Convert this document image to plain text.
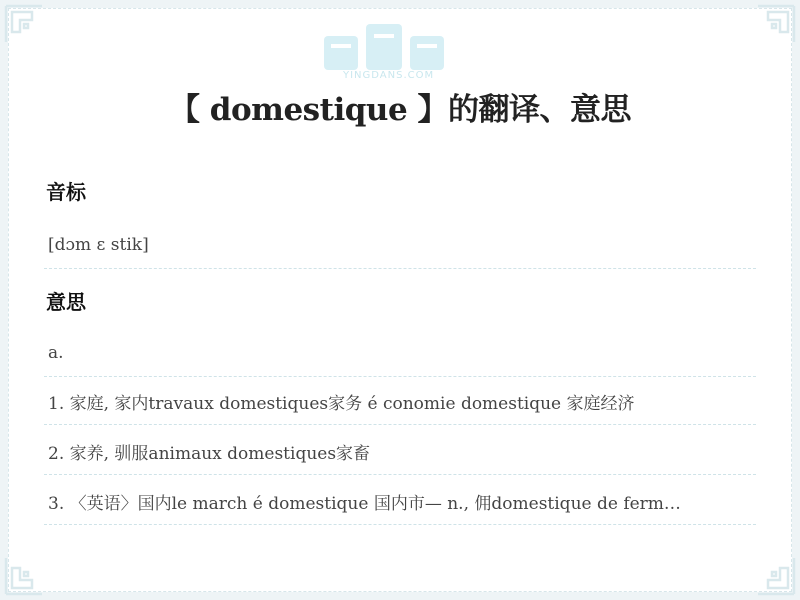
YINGDANS.COM
【 domestique 】的翻译、意思
音标
[dɔm ɛ stik]
意思
a.
1. 家庭, 家内travaux domestiques家务 é conomie domestique 家庭经济
2. 家养, 驯服animaux domestiques家畜
3. 〈英语〉国内le march é domestique 国内市— n., 佣domestique de ferm…
